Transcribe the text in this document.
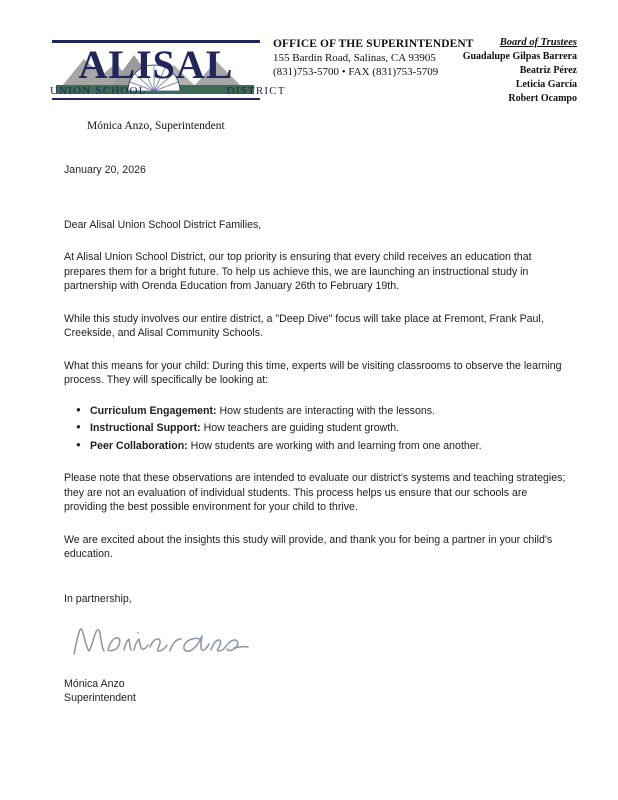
ALISAL
UNION SCHOOL	DISTRICT
OFFICE OF THE SUPERINTENDENT
155 Bardin Road, Salinas, CA 93905
(831)753-5700 • FAX (831)753-5709
Board of Trustees
Guadalupe Gilpas Barrera
Beatriz Pérez
Leticia García
Robert Ocampo
Mónica Anzo, Superintendent

January 20, 2026

Dear Alisal Union School District Families,

At Alisal Union School District, our top priority is ensuring that every child receives an education that prepares them for a bright future. To help us achieve this, we are launching an instructional study in partnership with Orenda Education from January 26th to February 19th.

While this study involves our entire district, a "Deep Dive" focus will take place at Fremont, Frank Paul, Creekside, and Alisal Community Schools.

What this means for your child: During this time, experts will be visiting classrooms to observe the learning process. They will specifically be looking at:

● Curriculum Engagement: How students are interacting with the lessons.
● Instructional Support: How teachers are guiding student growth.
● Peer Collaboration: How students are working with and learning from one another.

Please note that these observations are intended to evaluate our district's systems and teaching strategies; they are not an evaluation of individual students. This process helps us ensure that our schools are providing the best possible environment for your child to thrive.

We are excited about the insights this study will provide, and thank you for being a partner in your child's education.

In partnership,

Mónica Anzo
Superintendent
